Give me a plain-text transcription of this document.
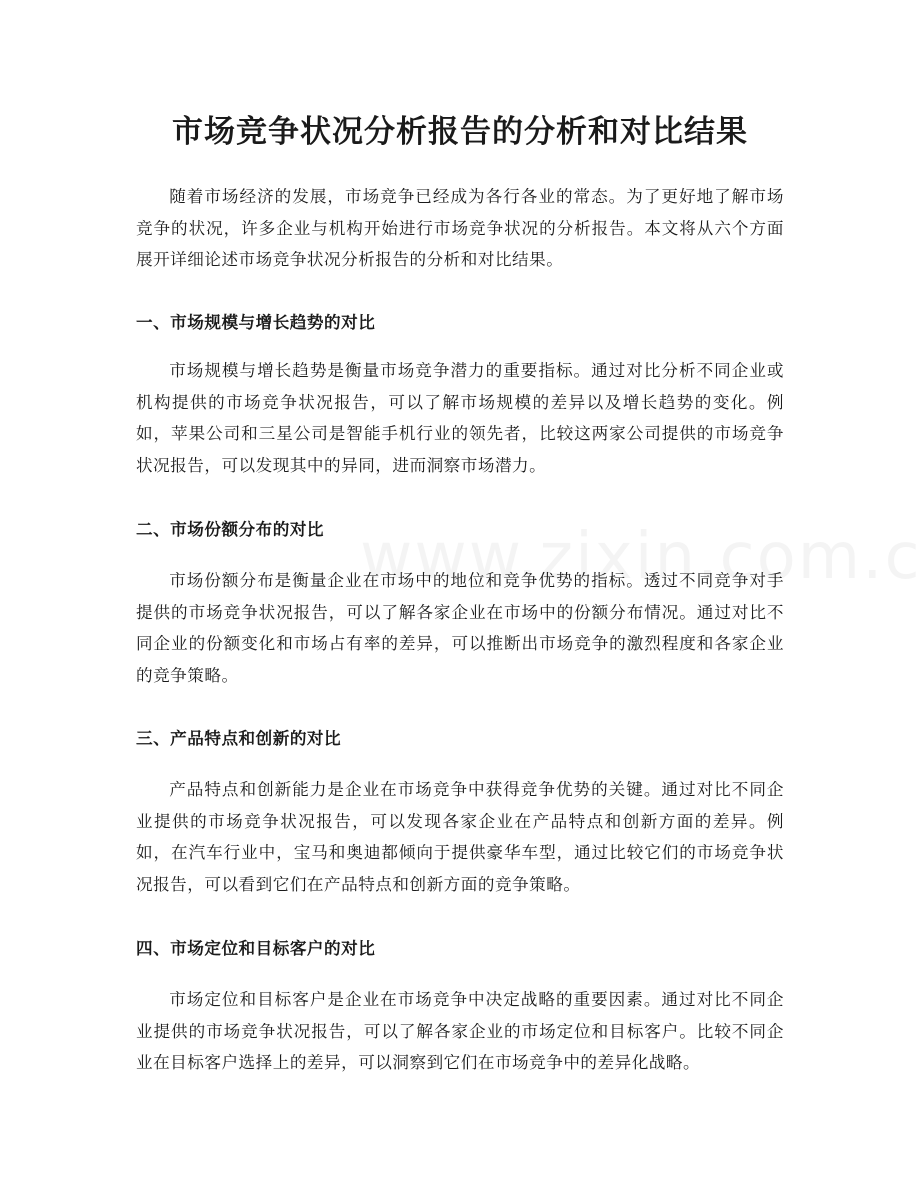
市场竞争状况分析报告的分析和对比结果

随着市场经济的发展，市场竞争已经成为各行各业的常态。为了更好地了解市场竞争的状况，许多企业与机构开始进行市场竞争状况的分析报告。本文将从六个方面展开详细论述市场竞争状况分析报告的分析和对比结果。

一、市场规模与增长趋势的对比

市场规模与增长趋势是衡量市场竞争潜力的重要指标。通过对比分析不同企业或机构提供的市场竞争状况报告，可以了解市场规模的差异以及增长趋势的变化。例如，苹果公司和三星公司是智能手机行业的领先者，比较这两家公司提供的市场竞争状况报告，可以发现其中的异同，进而洞察市场潜力。

二、市场份额分布的对比

市场份额分布是衡量企业在市场中的地位和竞争优势的指标。透过不同竞争对手提供的市场竞争状况报告，可以了解各家企业在市场中的份额分布情况。通过对比不同企业的份额变化和市场占有率的差异，可以推断出市场竞争的激烈程度和各家企业的竞争策略。

三、产品特点和创新的对比

产品特点和创新能力是企业在市场竞争中获得竞争优势的关键。通过对比不同企业提供的市场竞争状况报告，可以发现各家企业在产品特点和创新方面的差异。例如，在汽车行业中，宝马和奥迪都倾向于提供豪华车型，通过比较它们的市场竞争状况报告，可以看到它们在产品特点和创新方面的竞争策略。

四、市场定位和目标客户的对比

市场定位和目标客户是企业在市场竞争中决定战略的重要因素。通过对比不同企业提供的市场竞争状况报告，可以了解各家企业的市场定位和目标客户。比较不同企业在目标客户选择上的差异，可以洞察到它们在市场竞争中的差异化战略。
